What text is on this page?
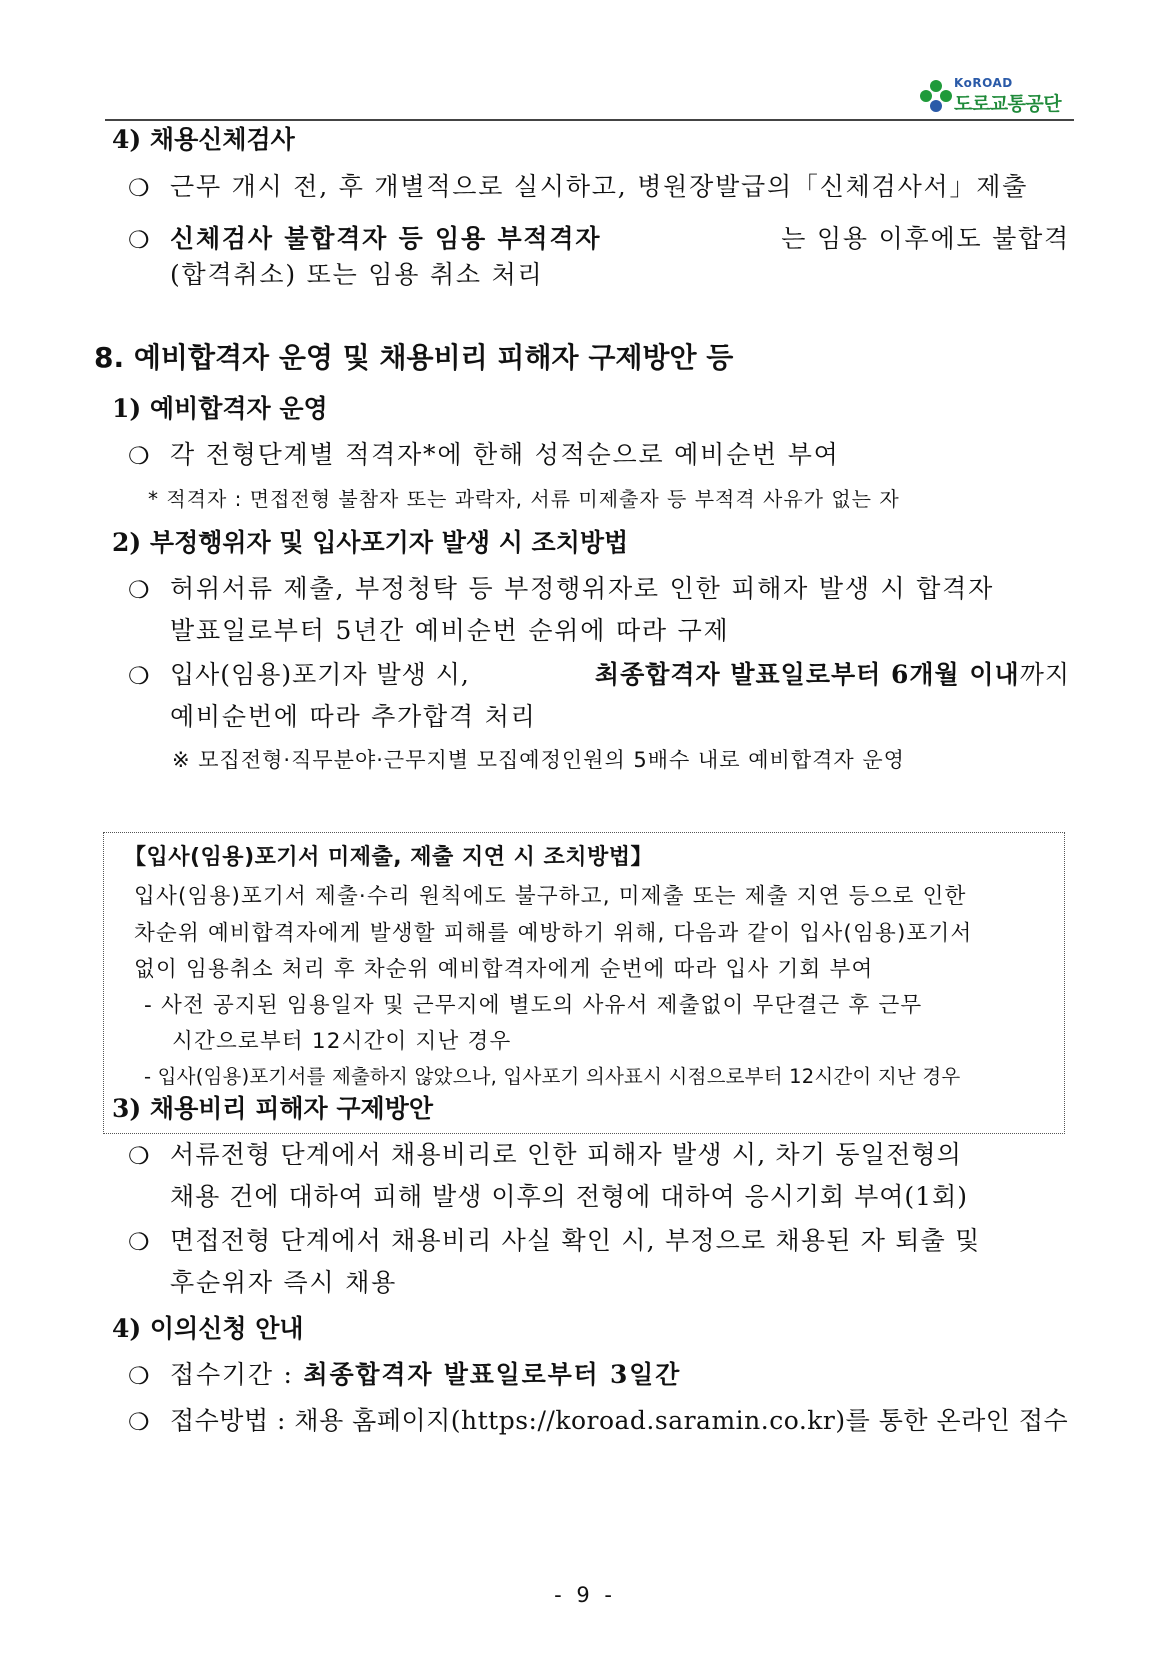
KoROAD
도로교통공단
4) 채용신체검사
❍ 근무 개시 전, 후 개별적으로 실시하고, 병원장발급의「신체검사서」제출
❍ 신체검사 불합격자 등 임용 부적격자	는 임용 이후에도 불합격
(합격취소) 또는 임용 취소 처리
8. 예비합격자 운영 및 채용비리 피해자 구제방안 등
1) 예비합격자 운영
❍ 각 전형단계별 적격자*에 한해 성적순으로 예비순번 부여
* 적격자 : 면접전형 불참자 또는 과락자, 서류 미제출자 등 부적격 사유가 없는 자
2) 부정행위자 및 입사포기자 발생 시 조치방법
❍ 허위서류 제출, 부정청탁 등 부정행위자로 인한 피해자 발생 시 합격자
발표일로부터 5년간 예비순번 순위에 따라 구제
❍ 입사(임용)포기자 발생 시,	최종합격자 발표일로부터 6개월 이내까지
예비순번에 따라 추가합격 처리
※ 모집전형·직무분야·근무지별 모집예정인원의 5배수 내로 예비합격자 운영
【입사(임용)포기서 미제출, 제출 지연 시 조치방법】
입사(임용)포기서 제출·수리 원칙에도 불구하고, 미제출 또는 제출 지연 등으로 인한
차순위 예비합격자에게 발생할 피해를 예방하기 위해, 다음과 같이 입사(임용)포기서
없이 임용취소 처리 후 차순위 예비합격자에게 순번에 따라 입사 기회 부여
- 사전 공지된 임용일자 및 근무지에 별도의 사유서 제출없이 무단결근 후 근무
시간으로부터 12시간이 지난 경우
- 입사(임용)포기서를 제출하지 않았으나, 입사포기 의사표시 시점으로부터 12시간이 지난 경우
3) 채용비리 피해자 구제방안
❍ 서류전형 단계에서 채용비리로 인한 피해자 발생 시, 차기 동일전형의
채용 건에 대하여 피해 발생 이후의 전형에 대하여 응시기회 부여(1회)
❍ 면접전형 단계에서 채용비리 사실 확인 시, 부정으로 채용된 자 퇴출 및
후순위자 즉시 채용
4) 이의신청 안내
❍ 접수기간 : 최종합격자 발표일로부터 3일간
❍ 접수방법 : 채용 홈페이지(https://koroad.saramin.co.kr)를 통한 온라인 접수
- 9 -
